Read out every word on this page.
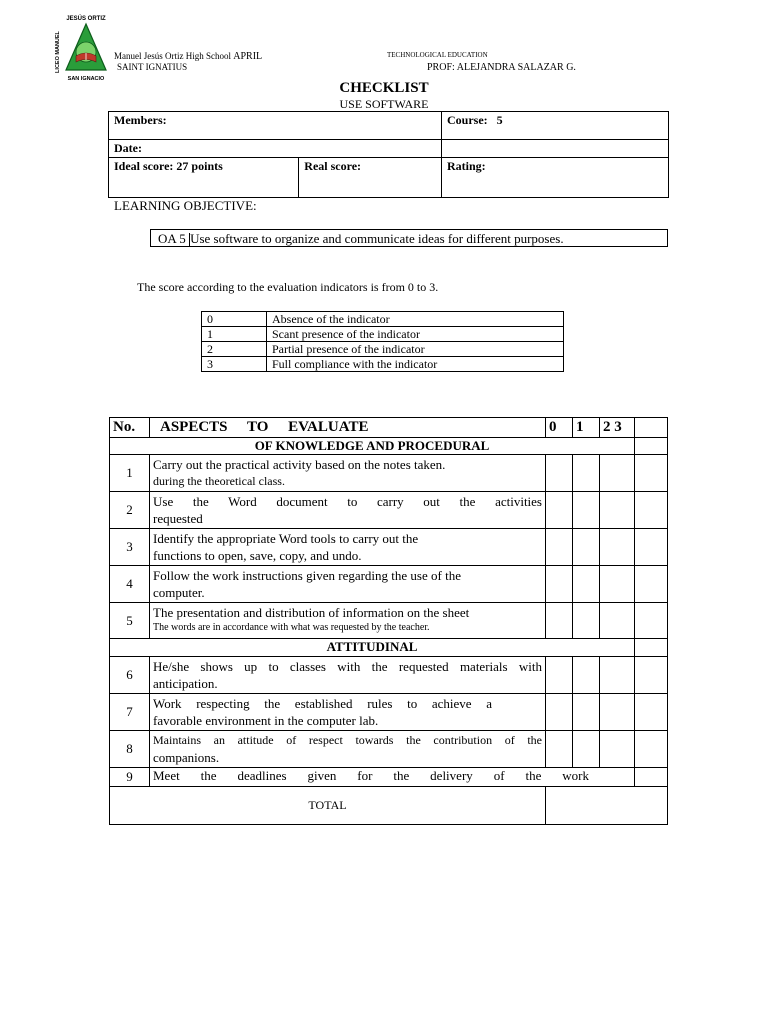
JESÚS ORTIZ
LICEO MANUEL
SAN IGNACIO
Manuel Jesús Ortiz High School APRIL
SAINT IGNATIUS
TECHNOLOGICAL EDUCATION
PROF: ALEJANDRA SALAZAR G.
CHECKLIST
USE SOFTWARE
Members:		Course: 5
Date:		
Ideal score: 27 points	Real score:	Rating:
LEARNING OBJECTIVE:
OA 5 Use software to organize and communicate ideas for different purposes.
The score according to the evaluation indicators is from 0 to 3.
0	Absence of the indicator
1	Scant presence of the indicator
2	Partial presence of the indicator
3	Full compliance with the indicator
No.	ASPECTS TO EVALUATE	0	1	2 3	
OF KNOWLEDGE AND PROCEDURAL					
1	Carry out the practical activity based on the notes taken.
during the theoretical class.				

2	Use the Word document to carry out the activities
requested				

3	Identify the appropriate Word tools to carry out the
functions to open, save, copy, and undo.				

4	Follow the work instructions given regarding the use of the
computer.				

5	The presentation and distribution of information on the sheet
The words are in accordance with what was requested by the teacher.				

ATTITUDINAL					
6	He/she shows up to classes with the requested materials with
anticipation.				

7	Work respecting the established rules to achieve a
favorable environment in the computer lab.				

8	Maintains an attitude of respect towards the contribution of the
companions.				

9	Meet the deadlines given for the delivery of the work				

TOTAL					
